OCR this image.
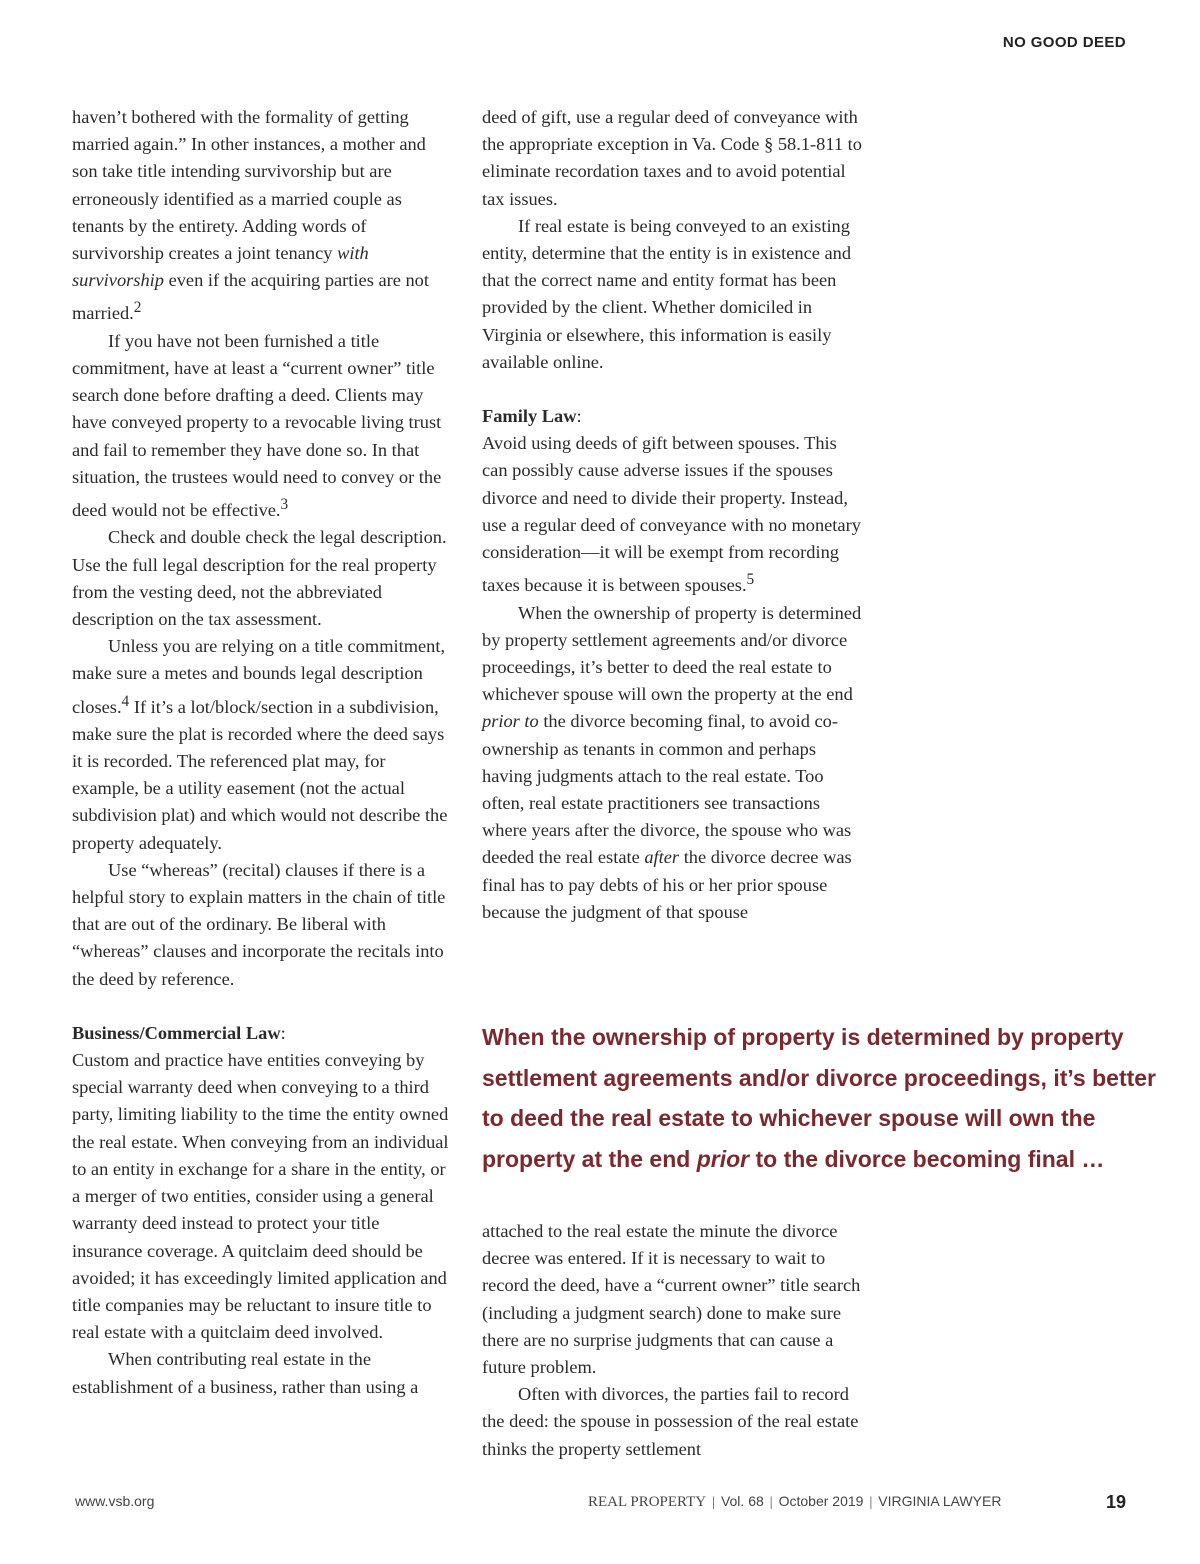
NO GOOD DEED

haven’t bothered with the formality of getting married again.” In other instances, a mother and son take title intending survivorship but are erroneously identified as a married couple as tenants by the entirety. Adding words of survivorship creates a joint tenancy with survivorship even if the acquiring parties are not married.$^2$

If you have not been furnished a title commitment, have at least a “current owner” title search done before drafting a deed. Clients may have conveyed property to a revocable living trust and fail to remember they have done so. In that situation, the trustees would need to convey or the deed would not be effective.$^3$

Check and double check the legal description. Use the full legal description for the real property from the vesting deed, not the abbreviated description on the tax assessment.

Unless you are relying on a title commitment, make sure a metes and bounds legal description closes.$^4$ If it’s a lot/block/section in a subdivision, make sure the plat is recorded where the deed says it is recorded. The referenced plat may, for example, be a utility easement (not the actual subdivision plat) and which would not describe the property adequately.

Use “whereas” (recital) clauses if there is a helpful story to explain matters in the chain of title that are out of the ordinary. Be liberal with “whereas” clauses and incorporate the recitals into the deed by reference.

Business/Commercial Law:

Custom and practice have entities conveying by special warranty deed when conveying to a third party, limiting liability to the time the entity owned the real estate. When conveying from an individual to an entity in exchange for a share in the entity, or a merger of two entities, consider using a general warranty deed instead to protect your title insurance coverage. A quitclaim deed should be avoided; it has exceedingly limited application and title companies may be reluctant to insure title to real estate with a quitclaim deed involved.

When contributing real estate in the establishment of a business, rather than using a

deed of gift, use a regular deed of conveyance with the appropriate exception in Va. Code § 58.1-811 to eliminate recordation taxes and to avoid potential tax issues.

If real estate is being conveyed to an existing entity, determine that the entity is in existence and that the correct name and entity format has been provided by the client. Whether domiciled in Virginia or elsewhere, this information is easily available online.

Family Law:

Avoid using deeds of gift between spouses. This can possibly cause adverse issues if the spouses divorce and need to divide their property. Instead, use a regular deed of conveyance with no monetary consideration—it will be exempt from recording taxes because it is between spouses.$^5$

When the ownership of property is determined by property settlement agreements and/or divorce proceedings, it’s better to deed the real estate to whichever spouse will own the property at the end prior to the divorce becoming final, to avoid co-ownership as tenants in common and perhaps having judgments attach to the real estate. Too often, real estate practitioners see transactions where years after the divorce, the spouse who was deeded the real estate after the divorce decree was final has to pay debts of his or her prior spouse because the judgment of that spouse

When the ownership of property is determined by property
settlement agreements and/or divorce proceedings, it’s better
to deed the real estate to whichever spouse will own the
property at the end prior to the divorce becoming final …

attached to the real estate the minute the divorce decree was entered. If it is necessary to wait to record the deed, have a “current owner” title search (including a judgment search) done to make sure there are no surprise judgments that can cause a future problem.

Often with divorces, the parties fail to record the deed: the spouse in possession of the real estate thinks the property settlement

www.vsb.org	REAL PROPERTY | Vol. 68 | October 2019 | VIRGINIA LAWYER	19
